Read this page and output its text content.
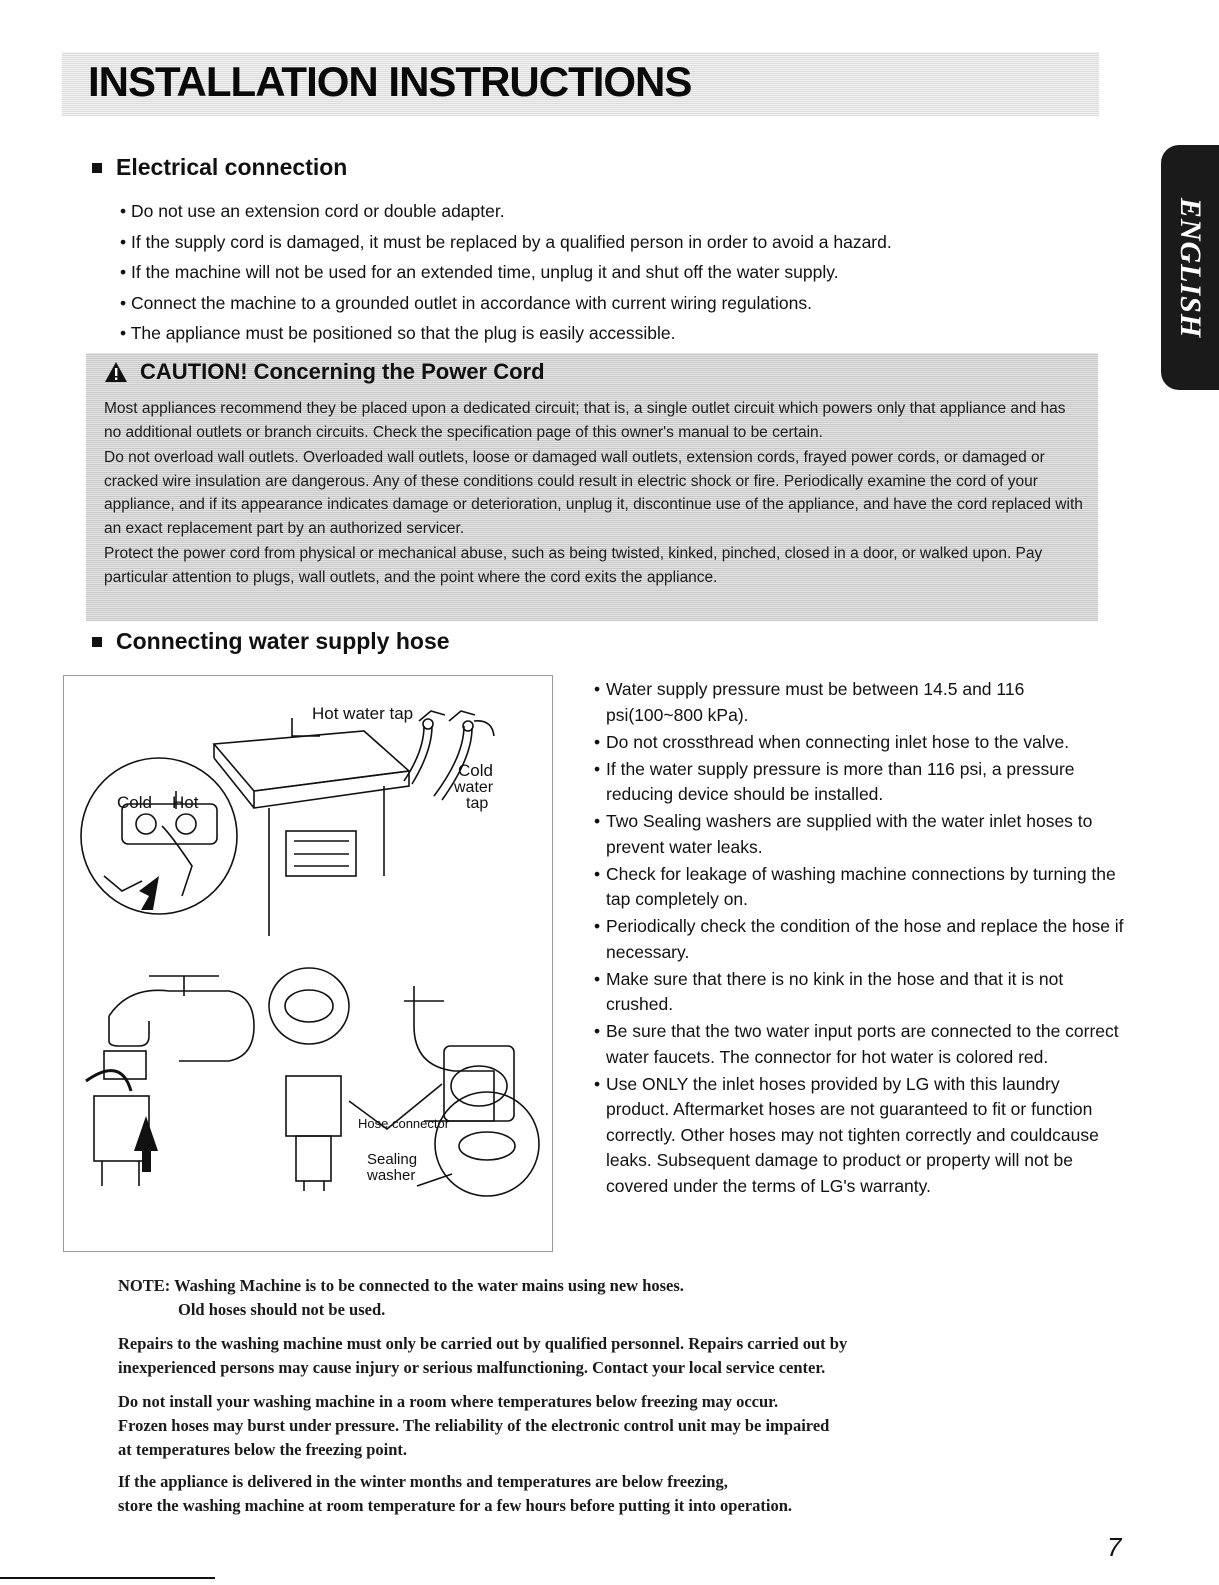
INSTALLATION INSTRUCTIONS
ENGLISH
Electrical connection
• Do not use an extension cord or double adapter.
• If the supply cord is damaged, it must be replaced by a qualified person in order to avoid a hazard.
• If the machine will not be used for an extended time, unplug it and shut off the water supply.
• Connect the machine to a grounded outlet in accordance with current wiring regulations.
• The appliance must be positioned so that the plug is easily accessible.
CAUTION! Concerning the Power Cord

Most appliances recommend they be placed upon a dedicated circuit; that is, a single outlet circuit which powers only that appliance and has no additional outlets or branch circuits. Check the specification page of this owner's manual to be certain.

Do not overload wall outlets. Overloaded wall outlets, loose or damaged wall outlets, extension cords, frayed power cords, or damaged or cracked wire insulation are dangerous. Any of these conditions could result in electric shock or fire. Periodically examine the cord of your appliance, and if its appearance indicates damage or deterioration, unplug it, discontinue use of the appliance, and have the cord replaced with an exact replacement part by an authorized servicer.

Protect the power cord from physical or mechanical abuse, such as being twisted, kinked, pinched, closed in a door, or walked upon. Pay particular attention to plugs, wall outlets, and the point where the cord exits the appliance.

Connecting water supply hose
Hot water tap
Cold Hot
Cold
water
tap
Hose connector
Sealing
washer
• Water supply pressure must be between 14.5 and 116 psi(100~800 kPa).
• Do not crossthread when connecting inlet hose to the valve.
• If the water supply pressure is more than 116 psi, a pressure reducing device should be installed.
• Two Sealing washers are supplied with the water inlet hoses to prevent water leaks.
• Check for leakage of washing machine connections by turning the tap completely on.
• Periodically check the condition of the hose and replace the hose if necessary.
• Make sure that there is no kink in the hose and that it is not crushed.
• Be sure that the two water input ports are connected to the correct water faucets. The connector for hot water is colored red.
• Use ONLY the inlet hoses provided by LG with this laundry product. Aftermarket hoses are not guaranteed to fit or function correctly. Other hoses may not tighten correctly and couldcause leaks. Subsequent damage to product or property will not be covered under the terms of LG's warranty.

NOTE: Washing Machine is to be connected to the water mains using new hoses.

Old hoses should not be used.

Repairs to the washing machine must only be carried out by qualified personnel. Repairs carried out by

inexperienced persons may cause injury or serious malfunctioning. Contact your local service center.

Do not install your washing machine in a room where temperatures below freezing may occur.

Frozen hoses may burst under pressure. The reliability of the electronic control unit may be impaired

at temperatures below the freezing point.

If the appliance is delivered in the winter months and temperatures are below freezing,

store the washing machine at room temperature for a few hours before putting it into operation.

7
